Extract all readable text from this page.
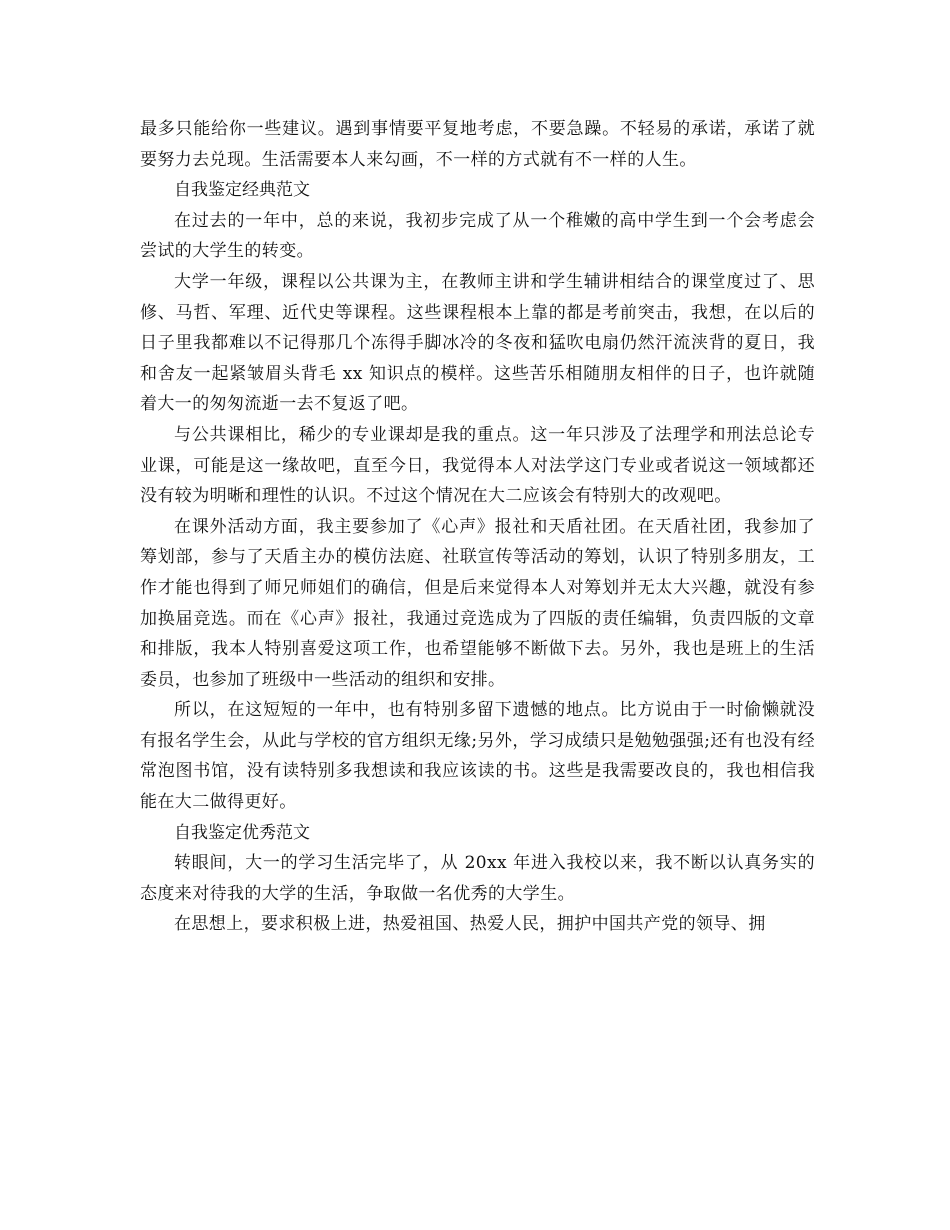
最多只能给你一些建议。遇到事情要平复地考虑，不要急躁。不轻易的承诺，承诺了就要努力去兑现。生活需要本人来勾画，不一样的方式就有不一样的人生。

自我鉴定经典范文

在过去的一年中，总的来说，我初步完成了从一个稚嫩的高中学生到一个会考虑会尝试的大学生的转变。

大学一年级，课程以公共课为主，在教师主讲和学生辅讲相结合的课堂度过了、思修、马哲、军理、近代史等课程。这些课程根本上靠的都是考前突击，我想，在以后的日子里我都难以不记得那几个冻得手脚冰冷的冬夜和猛吹电扇仍然汗流浃背的夏日，我和舍友一起紧皱眉头背毛 xx 知识点的模样。这些苦乐相随朋友相伴的日子，也许就随着大一的匆匆流逝一去不复返了吧。

与公共课相比，稀少的专业课却是我的重点。这一年只涉及了法理学和刑法总论专业课，可能是这一缘故吧，直至今日，我觉得本人对法学这门专业或者说这一领域都还没有较为明晰和理性的认识。不过这个情况在大二应该会有特别大的改观吧。

在课外活动方面，我主要参加了《心声》报社和天盾社团。在天盾社团，我参加了筹划部，参与了天盾主办的模仿法庭、社联宣传等活动的筹划，认识了特别多朋友，工作才能也得到了师兄师姐们的确信，但是后来觉得本人对筹划并无太大兴趣，就没有参加换届竞选。而在《心声》报社，我通过竞选成为了四版的责任编辑，负责四版的文章和排版，我本人特别喜爱这项工作，也希望能够不断做下去。另外，我也是班上的生活委员，也参加了班级中一些活动的组织和安排。

所以，在这短短的一年中，也有特别多留下遗憾的地点。比方说由于一时偷懒就没有报名学生会，从此与学校的官方组织无缘;另外，学习成绩只是勉勉强强;还有也没有经常泡图书馆，没有读特别多我想读和我应该读的书。这些是我需要改良的，我也相信我能在大二做得更好。

自我鉴定优秀范文

转眼间，大一的学习生活完毕了，从 20xx 年进入我校以来，我不断以认真务实的态度来对待我的大学的生活，争取做一名优秀的大学生。

在思想上，要求积极上进，热爱祖国、热爱人民，拥护中国共产党的领导、拥
